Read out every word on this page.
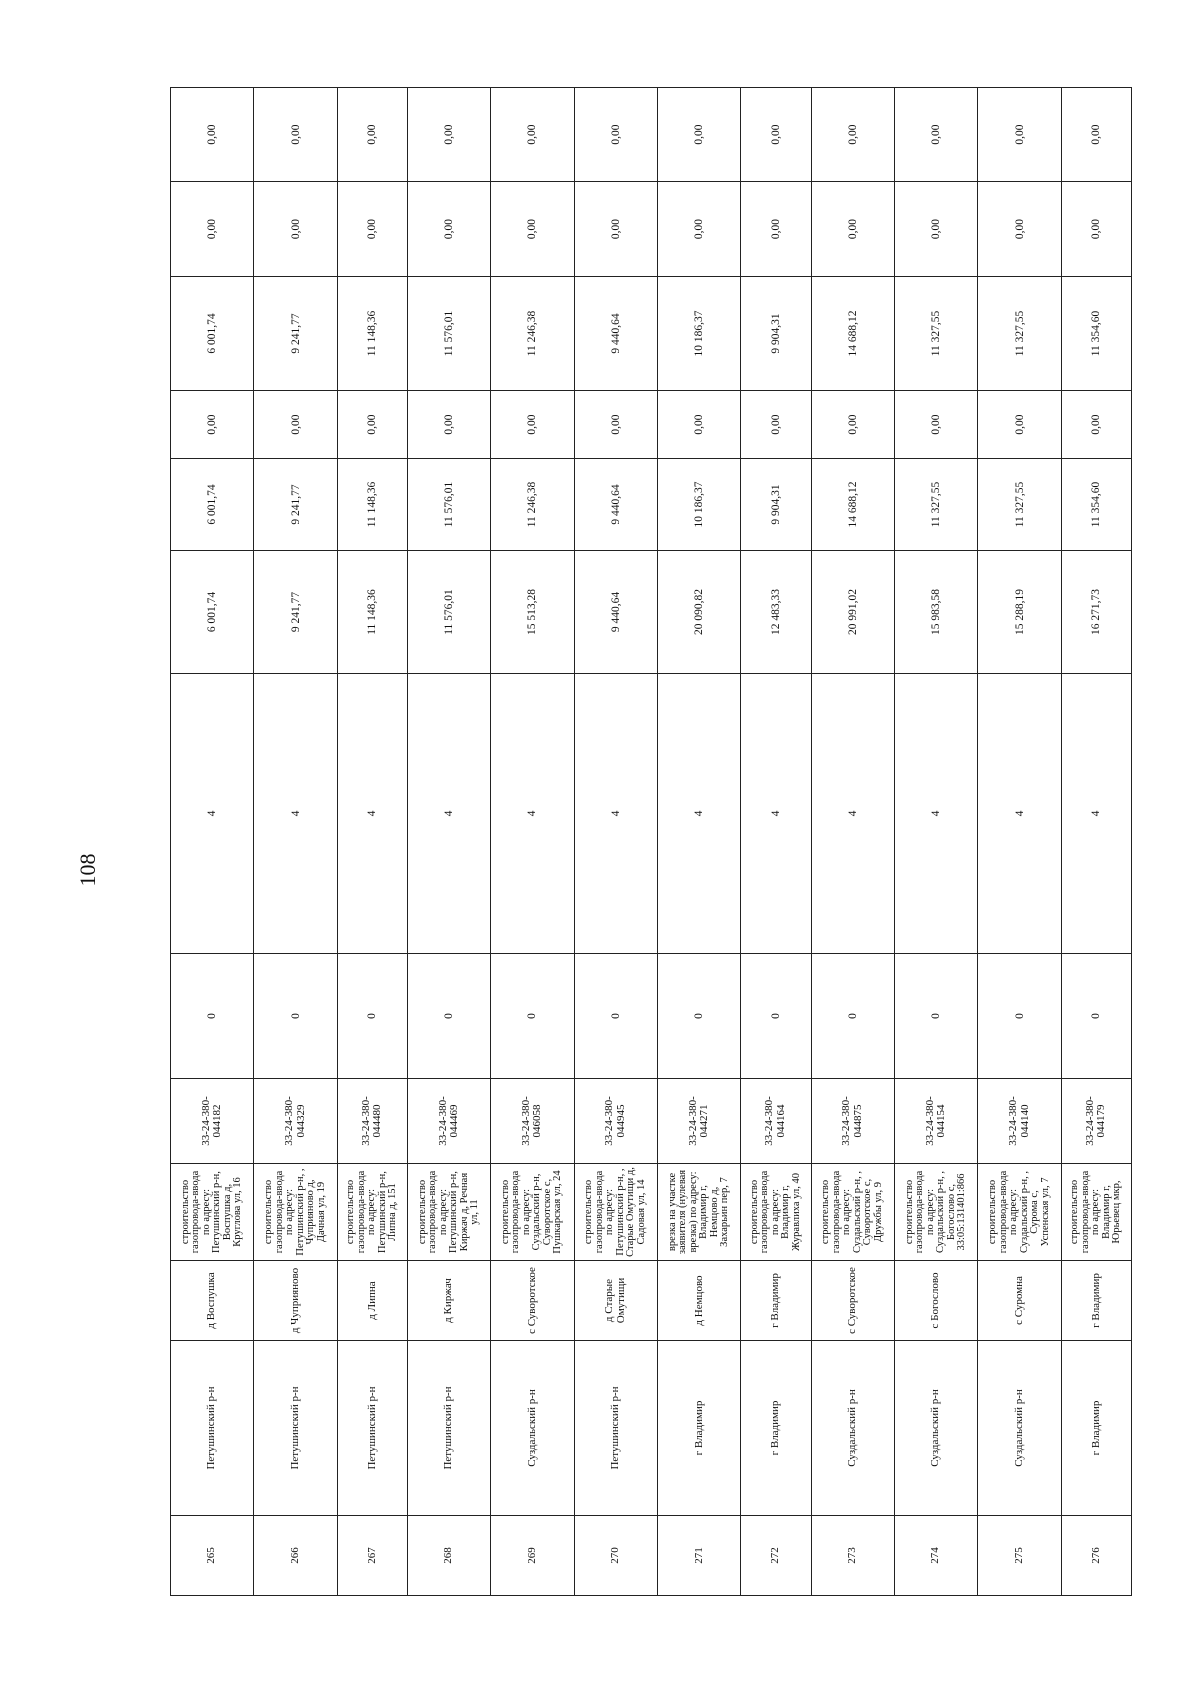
108
265	Петушинский р-н	д Воспушка	строительство газопровода-ввода по адресу: Петушинский р-н, Воспушка д, Круглова ул, 16	33-24-380-044182	0	4	6 001,74	6 001,74	0,00	6 001,74	0,00	0,00
266	Петушинский р-н	д Чуприяново	строительство газопровода-ввода по адресу: Петушинский р-н, , Чуприяново д, Дачная ул, 19	33-24-380-044329	0	4	9 241,77	9 241,77	0,00	9 241,77	0,00	0,00
267	Петушинский р-н	д Липна	строительство газопровода-ввода по адресу: Петушинский р-н, Липна д, 151	33-24-380-044480	0	4	11 148,36	11 148,36	0,00	11 148,36	0,00	0,00
268	Петушинский р-н	д Киржач	строительство газопровода-ввода по адресу: Петушинский р-н, Киржач д, Речная ул, 11	33-24-380-044469	0	4	11 576,01	11 576,01	0,00	11 576,01	0,00	0,00
269	Суздальский р-н	с Суворотское	строительство газопровода-ввода по адресу: Суздальский р-н, Суворотское с, Пушкарская ул, 24	33-24-380-046058	0	4	15 513,28	11 246,38	0,00	11 246,38	0,00	0,00
270	Петушинский р-н	д Старые Омутищи	строительство газопровода-ввода по адресу: Петушинский р-н, , Старые Омутищи д, Садовая ул, 14	33-24-380-044945	0	4	9 440,64	9 440,64	0,00	9 440,64	0,00	0,00
271	г Владимир	д Немцово	врезка на участке заявителя (нулевая врезка) по адресу: Владимир г, Немцово д, Захарьин пер, 7	33-24-380-044271	0	4	20 090,82	10 186,37	0,00	10 186,37	0,00	0,00
272	г Владимир	г Владимир	строительство газопровода-ввода по адресу: Владимир г, Журавлиха ул, 40	33-24-380-044164	0	4	12 483,33	9 904,31	0,00	9 904,31	0,00	0,00
273	Суздальский р-н	с Суворотское	строительство газопровода-ввода по адресу: Суздальский р-н, , Суворотское с, Дружбы ул, 9	33-24-380-044875	0	4	20 991,02	14 688,12	0,00	14 688,12	0,00	0,00
274	Суздальский р-н	с Богослово	строительство газопровода-ввода по адресу: Суздальский р-н, , Богослово с, 33:05:131401:866	33-24-380-044154	0	4	15 983,58	11 327,55	0,00	11 327,55	0,00	0,00
275	Суздальский р-н	с Суромна	строительство газопровода-ввода по адресу: Суздальский р-н, , Сурома с, Успенская ул, 7	33-24-380-044140	0	4	15 288,19	11 327,55	0,00	11 327,55	0,00	0,00
276	г Владимир	г Владимир	строительство газопровода-ввода по адресу: Владимир г, Юрьевец мкр,	33-24-380-044179	0	4	16 271,73	11 354,60	0,00	11 354,60	0,00	0,00
